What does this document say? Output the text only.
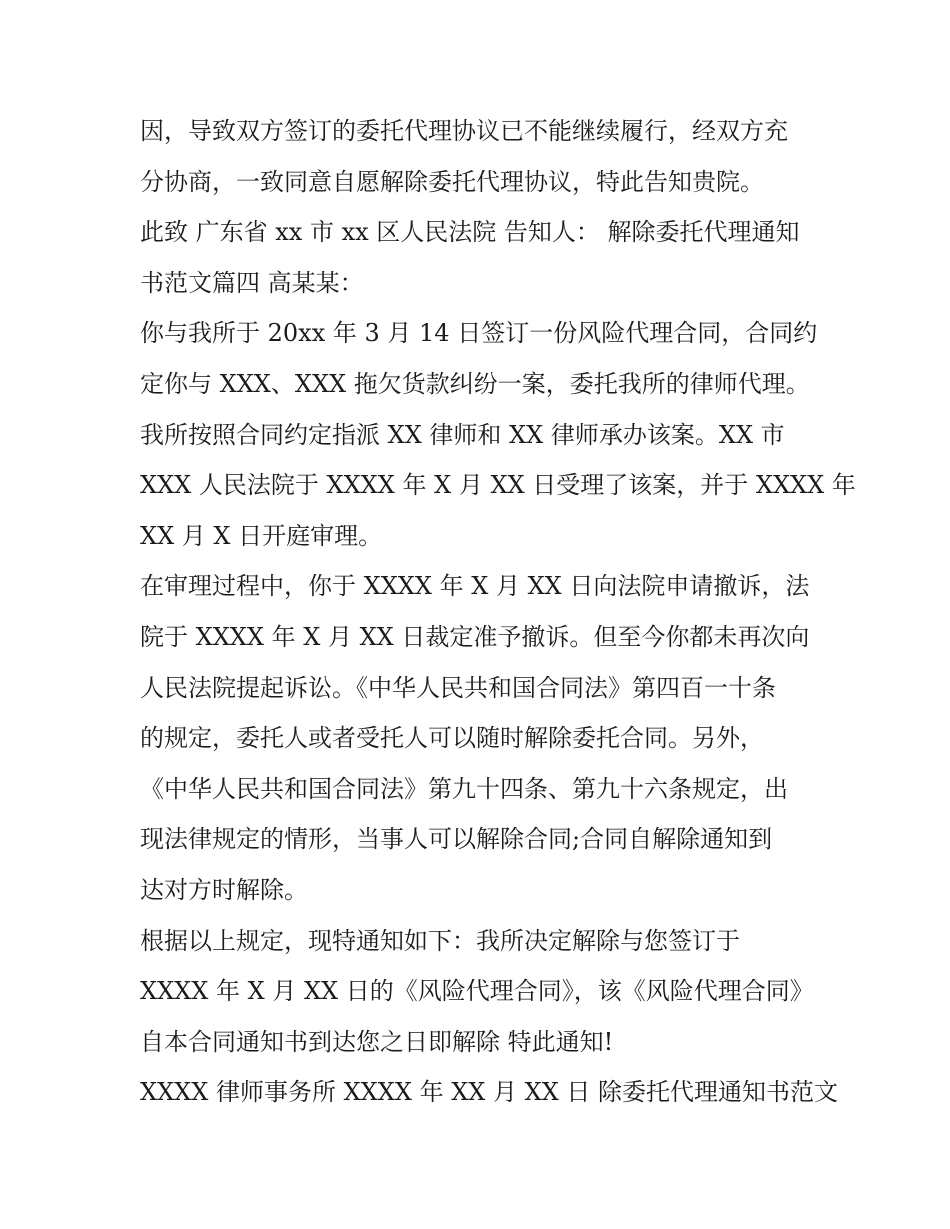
因，导致双方签订的委托代理协议已不能继续履行，经双方充
分协商，一致同意自愿解除委托代理协议，特此告知贵院。
此致 广东省 xx 市 xx 区人民法院 告知人： 解除委托代理通知
书范文篇四 高某某：
你与我所于 20xx 年 3 月 14 日签订一份风险代理合同，合同约
定你与 XXX、XXX 拖欠货款纠纷一案，委托我所的律师代理。
我所按照合同约定指派 XX 律师和 XX 律师承办该案。XX 市
XXX 人民法院于 XXXX 年 X 月 XX 日受理了该案，并于 XXXX 年
XX 月 X 日开庭审理。
在审理过程中，你于 XXXX 年 X 月 XX 日向法院申请撤诉，法
院于 XXXX 年 X 月 XX 日裁定准予撤诉。但至今你都未再次向
人民法院提起诉讼。《中华人民共和国合同法》第四百一十条
的规定，委托人或者受托人可以随时解除委托合同。另外，
《中华人民共和国合同法》第九十四条、第九十六条规定，出
现法律规定的情形，当事人可以解除合同;合同自解除通知到
达对方时解除。
根据以上规定，现特通知如下：我所决定解除与您签订于
XXXX 年 X 月 XX 日的《风险代理合同》，该《风险代理合同》
自本合同通知书到达您之日即解除 特此通知!
XXXX 律师事务所 XXXX 年 XX 月 XX 日 除委托代理通知书范文
